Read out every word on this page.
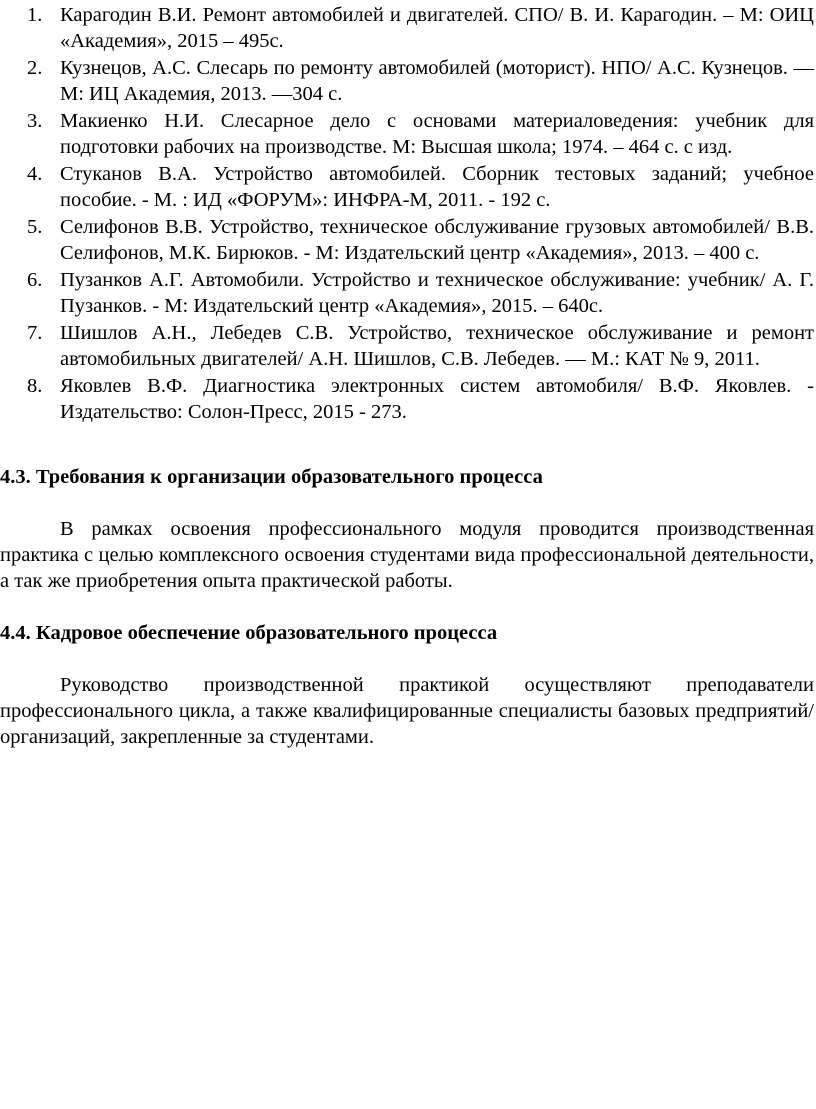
1. Карагодин В.И. Ремонт автомобилей и двигателей. СПО/ В. И. Карагодин. – М: ОИЦ «Академия», 2015 – 495с.
2. Кузнецов, А.С. Слесарь по ремонту автомобилей (моторист). НПО/ А.С. Кузнецов. — М: ИЦ Академия, 2013. —304 с.
3. Макиенко Н.И. Слесарное дело с основами материаловедения: учебник для подготовки рабочих на производстве. М: Высшая школа; 1974. – 464 с. с изд.
4. Стуканов В.А. Устройство автомобилей. Сборник тестовых заданий; учебное пособие. - М. : ИД «ФОРУМ»: ИНФРА-М, 2011. - 192 с.
5. Селифонов В.В. Устройство, техническое обслуживание грузовых автомобилей/ В.В. Селифонов, М.К. Бирюков. - М: Издательский центр «Академия», 2013. – 400 с.
6. Пузанков А.Г. Автомобили. Устройство и техническое обслуживание: учебник/ А. Г. Пузанков. - М: Издательский центр «Академия», 2015. – 640с.
7. Шишлов А.Н., Лебедев С.В. Устройство, техническое обслуживание и ремонт автомобильных двигателей/ А.Н. Шишлов, С.В. Лебедев. — М.: КАТ № 9, 2011.
8. Яковлев В.Ф. Диагностика электронных систем автомобиля/ В.Ф. Яковлев. - Издательство: Солон-Пресс, 2015 - 273.

4.3. Требования к организации образовательного процесса

В рамках освоения профессионального модуля проводится производственная практика с целью комплексного освоения студентами вида профессиональной деятельности, а так же приобретения опыта практической работы.

4.4. Кадровое обеспечение образовательного процесса

Руководство производственной практикой осуществляют преподаватели профессионального цикла, а также квалифицированные специалисты базовых предприятий/организаций, закрепленные за студентами.
